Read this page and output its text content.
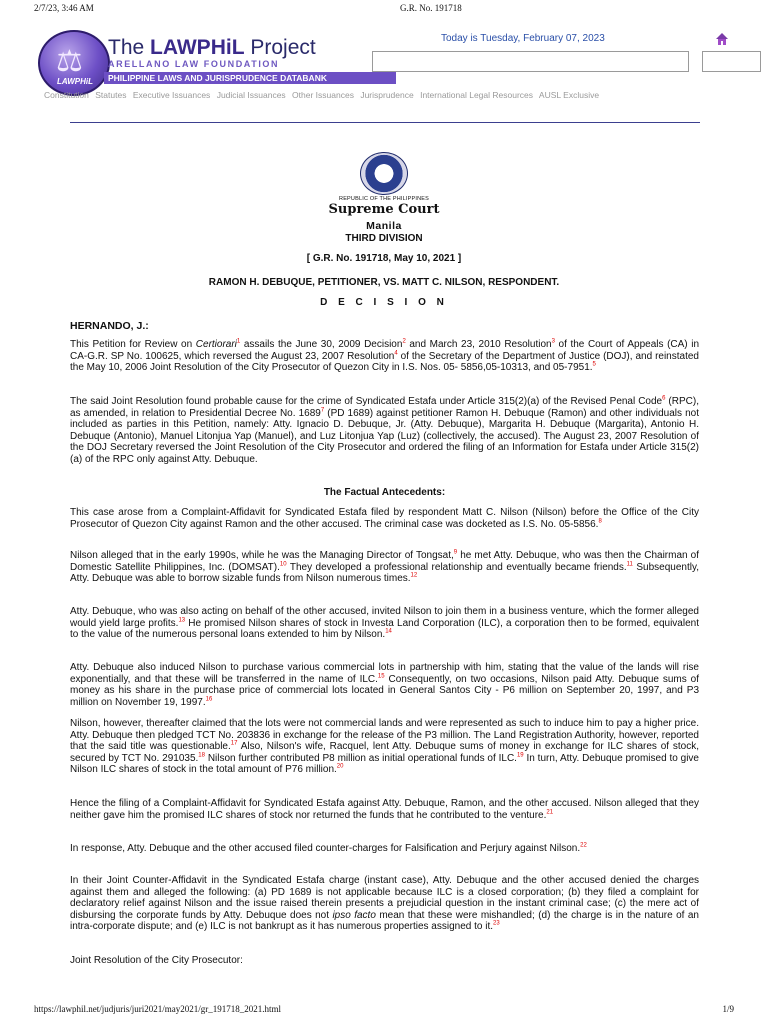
2/7/23, 3:46 AM	G.R. No. 191718
⚖
LAWPHiL
The LAWPHiL Project
ARELLANO LAW FOUNDATION
PHILIPPINE LAWS AND JURISPRUDENCE DATABANK
Today is Tuesday, February 07, 2023
Constitution Statutes Executive Issuances Judicial Issuances Other Issuances Jurisprudence International Legal Resources AUSL Exclusive
REPUBLIC OF THE PHILIPPINES
Supreme Court
Manila
THIRD DIVISION
[ G.R. No. 191718, May 10, 2021 ]
RAMON H. DEBUQUE, PETITIONER, VS. MATT C. NILSON, RESPONDENT.
D E C I S I O N
HERNANDO, J.:
This Petition for Review on Certiorari$^1$ assails the June 30, 2009 Decision$^2$ and March 23, 2010 Resolution$^3$ of the Court of Appeals (CA) in CA-G.R. SP No. 100625, which reversed the August 23, 2007 Resolution$^4$ of the Secretary of the Department of Justice (DOJ), and reinstated the May 10, 2006 Joint Resolution of the City Prosecutor of Quezon City in I.S. Nos. 05- 5856,05-10313, and 05-7951.$^5$
The said Joint Resolution found probable cause for the crime of Syndicated Estafa under Article 315(2)(a) of the Revised Penal Code$^6$ (RPC), as amended, in relation to Presidential Decree No. 1689$^7$ (PD 1689) against petitioner Ramon H. Debuque (Ramon) and other individuals not included as parties in this Petition, namely: Atty. Ignacio D. Debuque, Jr. (Atty. Debuque), Margarita H. Debuque (Margarita), Antonio H. Debuque (Antonio), Manuel Litonjua Yap (Manuel), and Luz Litonjua Yap (Luz) (collectively, the accused). The August 23, 2007 Resolution of the DOJ Secretary reversed the Joint Resolution of the City Prosecutor and ordered the filing of an Information for Estafa under Article 315(2)(a) of the RPC only against Atty. Debuque.
The Factual Antecedents:
This case arose from a Complaint-Affidavit for Syndicated Estafa filed by respondent Matt C. Nilson (Nilson) before the Office of the City Prosecutor of Quezon City against Ramon and the other accused. The criminal case was docketed as I.S. No. 05-5856.$^8$
Nilson alleged that in the early 1990s, while he was the Managing Director of Tongsat,$^9$ he met Atty. Debuque, who was then the Chairman of Domestic Satellite Philippines, Inc. (DOMSAT).$^{10}$ They developed a professional relationship and eventually became friends.$^{11}$ Subsequently, Atty. Debuque was able to borrow sizable funds from Nilson numerous times.$^{12}$
Atty. Debuque, who was also acting on behalf of the other accused, invited Nilson to join them in a business venture, which the former alleged would yield large profits.$^{13}$ He promised Nilson shares of stock in Investa Land Corporation (ILC), a corporation then to be formed, equivalent to the value of the numerous personal loans extended to him by Nilson.$^{14}$
Atty. Debuque also induced Nilson to purchase various commercial lots in partnership with him, stating that the value of the lands will rise exponentially, and that these will be transferred in the name of ILC.$^{15}$ Consequently, on two occasions, Nilson paid Atty. Debuque sums of money as his share in the purchase price of commercial lots located in General Santos City - P6 million on September 20, 1997, and P3 million on November 19, 1997.16
Nilson, however, thereafter claimed that the lots were not commercial lands and were represented as such to induce him to pay a higher price. Atty. Debuque then pledged TCT No. 203836 in exchange for the release of the P3 million. The Land Registration Authority, however, reported that the said title was questionable.$^{17}$ Also, Nilson's wife, Racquel, lent Atty. Debuque sums of money in exchange for ILC shares of stock, secured by TCT No. 291035.18 Nilson further contributed P8 million as initial operational funds of ILC.$^{19}$ In turn, Atty. Debuque promised to give Nilson ILC shares of stock in the total amount of P76 million.$^{20}$
Hence the filing of a Complaint-Affidavit for Syndicated Estafa against Atty. Debuque, Ramon, and the other accused. Nilson alleged that they neither gave him the promised ILC shares of stock nor returned the funds that he contributed to the venture.$^{21}$
In response, Atty. Debuque and the other accused filed counter-charges for Falsification and Perjury against Nilson.$^{22}$
In their Joint Counter-Affidavit in the Syndicated Estafa charge (instant case), Atty. Debuque and the other accused denied the charges against them and alleged the following: (a) PD 1689 is not applicable because ILC is a closed corporation; (b) they filed a complaint for declaratory relief against Nilson and the issue raised therein presents a prejudicial question in the instant criminal case; (c) the mere act of disbursing the corporate funds by Atty. Debuque does not ipso facto mean that these were mishandled; (d) the charge is in the nature of an intra-corporate dispute; and (e) ILC is not bankrupt as it has numerous properties assigned to it.$^{23}$
Joint Resolution of the City Prosecutor:
https://lawphil.net/judjuris/juri2021/may2021/gr_191718_2021.html	1/9
